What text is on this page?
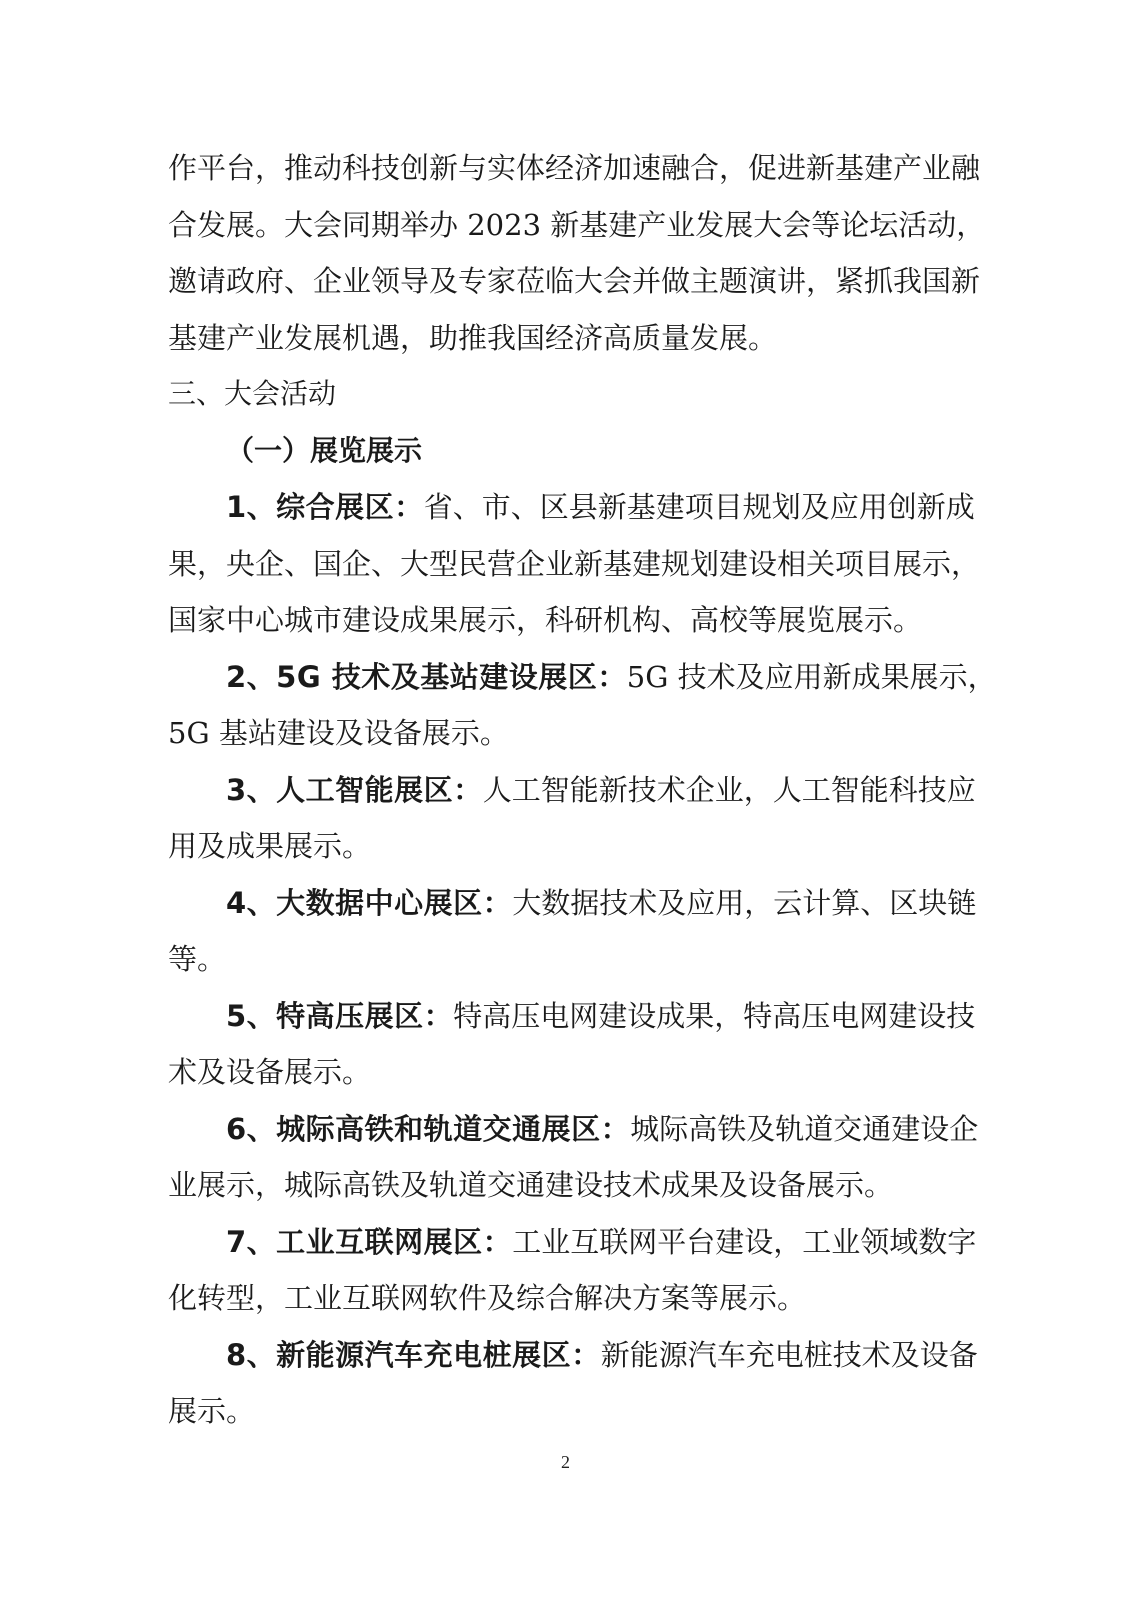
作平台，推动科技创新与实体经济加速融合，促进新基建产业融
合发展。大会同期举办 2023 新基建产业发展大会等论坛活动，
邀请政府、企业领导及专家莅临大会并做主题演讲，紧抓我国新
基建产业发展机遇，助推我国经济高质量发展。
三、大会活动
（一）展览展示
1、综合展区：省、市、区县新基建项目规划及应用创新成
果，央企、国企、大型民营企业新基建规划建设相关项目展示，
国家中心城市建设成果展示，科研机构、高校等展览展示。
2、5G 技术及基站建设展区：5G 技术及应用新成果展示，
5G 基站建设及设备展示。
3、人工智能展区：人工智能新技术企业，人工智能科技应
用及成果展示。
4、大数据中心展区：大数据技术及应用，云计算、区块链
等。
5、特高压展区：特高压电网建设成果，特高压电网建设技
术及设备展示。
6、城际高铁和轨道交通展区：城际高铁及轨道交通建设企
业展示，城际高铁及轨道交通建设技术成果及设备展示。
7、工业互联网展区：工业互联网平台建设，工业领域数字
化转型，工业互联网软件及综合解决方案等展示。
8、新能源汽车充电桩展区：新能源汽车充电桩技术及设备
展示。
2
